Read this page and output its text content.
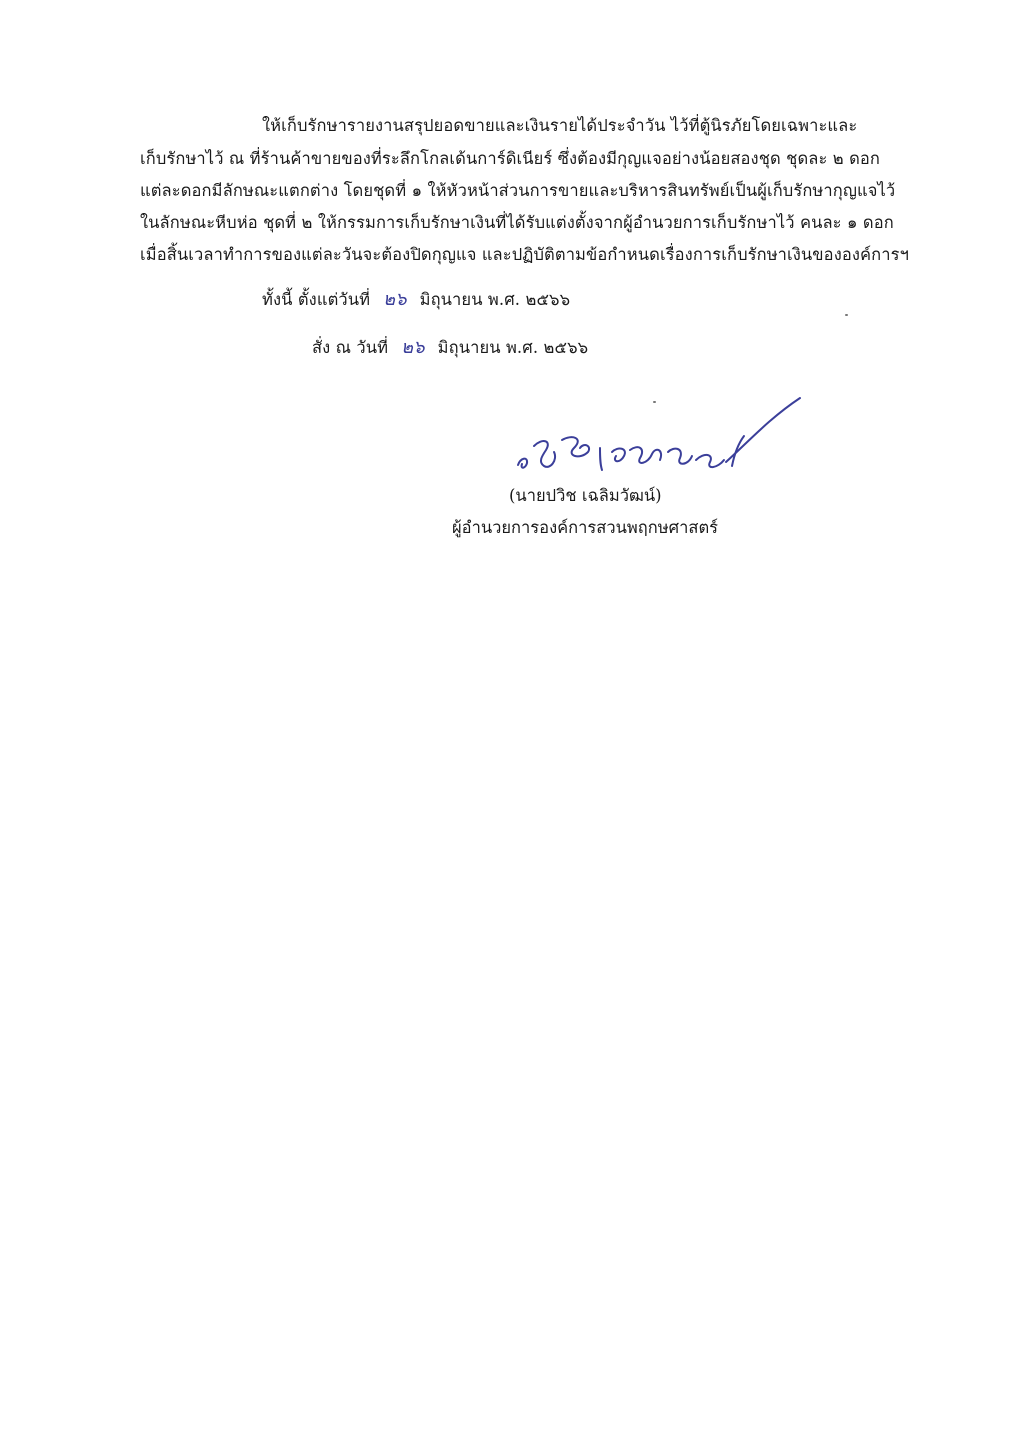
ให้เก็บรักษารายงานสรุปยอดขายและเงินรายได้ประจำวัน ไว้ที่ตู้นิรภัยโดยเฉพาะและ
เก็บรักษาไว้ ณ ที่ร้านค้าขายของที่ระลึกโกลเด้นการ์ดิเนียร์ ซึ่งต้องมีกุญแจอย่างน้อยสองชุด ชุดละ ๒ ดอก
แต่ละดอกมีลักษณะแตกต่าง โดยชุดที่ ๑ ให้หัวหน้าส่วนการขายและบริหารสินทรัพย์เป็นผู้เก็บรักษากุญแจไว้
ในลักษณะหีบห่อ ชุดที่ ๒ ให้กรรมการเก็บรักษาเงินที่ได้รับแต่งตั้งจากผู้อำนวยการเก็บรักษาไว้ คนละ ๑ ดอก
เมื่อสิ้นเวลาทำการของแต่ละวันจะต้องปิดกุญแจ และปฏิบัติตามข้อกำหนดเรื่องการเก็บรักษาเงินขององค์การฯ
ทั้งนี้ ตั้งแต่วันที่ ๒๖ มิถุนายน พ.ศ. ๒๕๖๖
สั่ง ณ วันที่ ๒๖ มิถุนายน พ.ศ. ๒๕๖๖
(นายปวิช เฉลิมวัฒน์)
ผู้อำนวยการองค์การสวนพฤกษศาสตร์
